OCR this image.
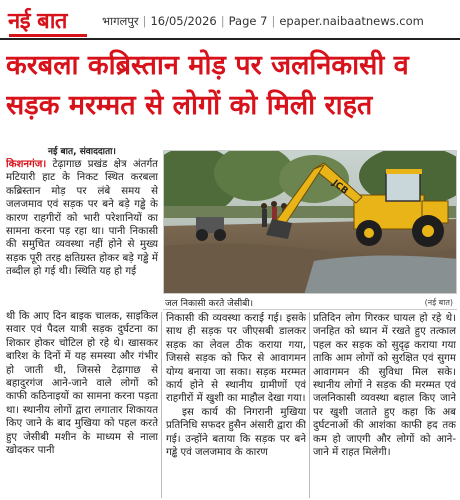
नई बात	भागलपुर | 16/05/2026 | Page 7 | epaper.naibaatnews.com
करबला कब्रिस्तान मोड़ पर जलनिकासी व
सड़क मरम्मत से लोगों को मिली राहत
नई बात, संवाददाता।

किशनगंज। टेढ़ागाछ प्रखंड क्षेत्र अंतर्गत मटियारी हाट के निकट स्थित करबला कब्रिस्तान मोड़ पर लंबे समय से जलजमाव एवं सड़क पर बने बड़े गड्ढे के कारण राहगीरों को भारी परेशानियों का सामना करना पड़ रहा था। पानी निकासी की समुचित व्यवस्था नहीं होने से मुख्य सड़क पूरी तरह क्षतिग्रस्त होकर बड़े गड्ढे में तब्दील हो गई थी। स्थिति यह हो गई

JCB
जल निकासी करते जेसीबी।	(नई बात)

थी कि आए दिन बाइक चालक, साइकिल सवार एवं पैदल यात्री सड़क दुर्घटना का शिकार होकर चोटिल हो रहे थे। खासकर बारिश के दिनों में यह समस्या और गंभीर हो जाती थी, जिससे टेढ़ागाछ से बहादुरगंज आने-जाने वाले लोगों को काफी कठिनाइयों का सामना करना पड़ता था। स्थानीय लोगों द्वारा लगातार शिकायत किए जाने के बाद मुखिया को पहल करते हुए जेसीबी मशीन के माध्यम से नाला खोदकर पानी

निकासी की व्यवस्था कराई गई। इसके साथ ही सड़क पर जीएसबी डालकर सड़क का लेवल ठीक कराया गया, जिससे सड़क को फिर से आवागमन योग्य बनाया जा सका। सड़क मरम्मत कार्य होने से स्थानीय ग्रामीणों एवं राहगीरों में खुशी का माहौल देखा गया।

इस कार्य की निगरानी मुखिया प्रतिनिधि सफदर हुसैन अंसारी द्वारा की गई। उन्होंने बताया कि सड़क पर बने गड्ढे एवं जलजमाव के कारण

प्रतिदिन लोग गिरकर घायल हो रहे थे। जनहित को ध्यान में रखते हुए तत्काल पहल कर सड़क को सुदृढ़ कराया गया ताकि आम लोगों को सुरक्षित एवं सुगम आवागमन की सुविधा मिल सके। स्थानीय लोगों ने सड़क की मरम्मत एवं जलनिकासी व्यवस्था बहाल किए जाने पर खुशी जताते हुए कहा कि अब दुर्घटनाओं की आशंका काफी हद तक कम हो जाएगी और लोगों को आने-जाने में राहत मिलेगी।
